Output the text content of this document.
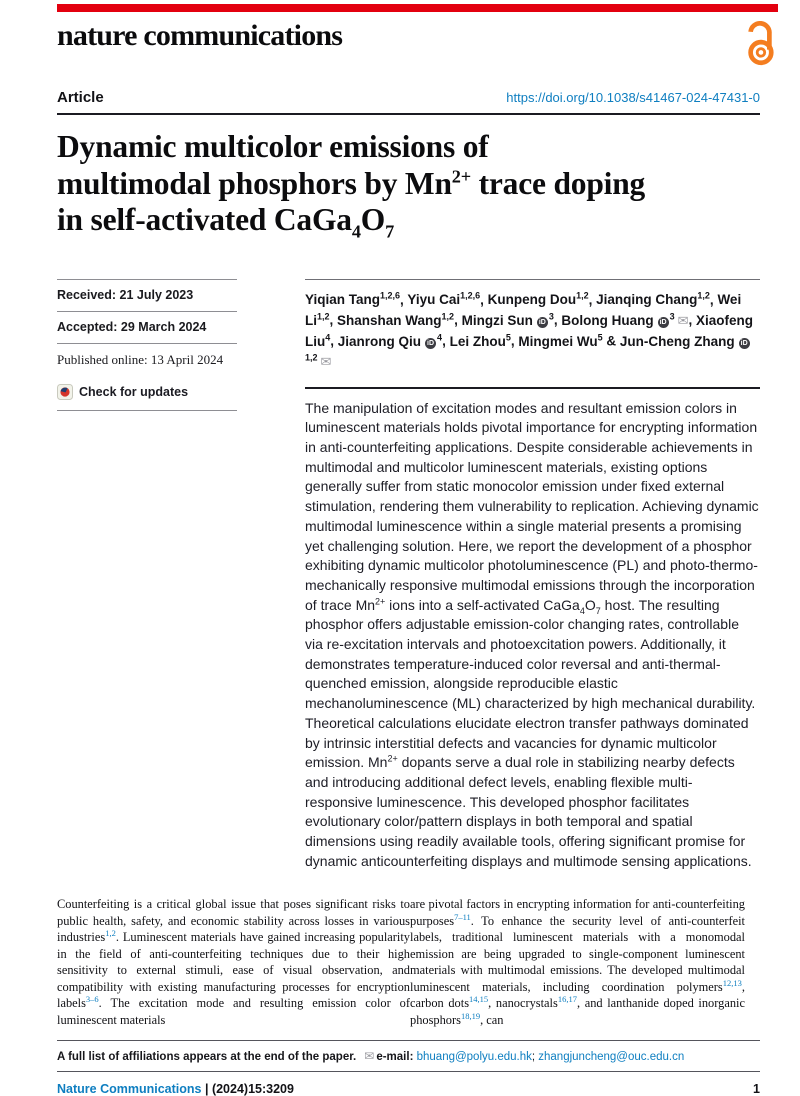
nature communications
Article	https://doi.org/10.1038/s41467-024-47431-0
Dynamic multicolor emissions of
multimodal phosphors by $Mn^{2+}$ trace doping
in self-activated $CaGa_4O_7$
Received: 21 July 2023
Accepted: 29 March 2024
Published online: 13 April 2024
Check for updates
Yiqian Tang$^{1,2,6}$, Yiyu Cai$^{1,2,6}$, Kunpeng Dou$^{1,2}$, Jianqing Chang$^{1,2}$, Wei Li$^{1,2}$, Shanshan Wang$^{1,2}$, Mingzi Sun $iD^3$, Bolong Huang $iD^3$ ✉, Xiaofeng Liu$^4$, Jianrong Qiu $iD^4$, Lei Zhou$^5$, Mingmei Wu$^5$ & Jun-Cheng Zhang iD$^{1,2}$ ✉

The manipulation of excitation modes and resultant emission colors in luminescent materials holds pivotal importance for encrypting information in anti-counterfeiting applications. Despite considerable achievements in multimodal and multicolor luminescent materials, existing options generally suffer from static monocolor emission under fixed external stimulation, rendering them vulnerability to replication. Achieving dynamic multimodal luminescence within a single material presents a promising yet challenging solution. Here, we report the development of a phosphor exhibiting dynamic multicolor photoluminescence (PL) and photo-thermo-mechanically responsive multimodal emissions through the incorporation of trace $Mn^{2+}$ ions into a self-activated $CaGa_4O_7$ host. The resulting phosphor offers adjustable emission-color changing rates, controllable via re-excitation intervals and photoexcitation powers. Additionally, it demonstrates temperature-induced color reversal and anti-thermal-quenched emission, alongside reproducible elastic mechanoluminescence (ML) characterized by high mechanical durability. Theoretical calculations elucidate electron transfer pathways dominated by intrinsic interstitial defects and vacancies for dynamic multicolor emission. $Mn^{2+}$ dopants serve a dual role in stabilizing nearby defects and introducing additional defect levels, enabling flexible multi-responsive luminescence. This developed phosphor facilitates evolutionary color/pattern displays in both temporal and spatial dimensions using readily available tools, offering significant promise for dynamic anticounterfeiting displays and multimode sensing applications.

Counterfeiting is a critical global issue that poses significant risks to public health, safety, and economic stability across losses in various industries$^{1,2}$. Luminescent materials have gained increasing popularity in the field of anti-counterfeiting techniques due to their high sensitivity to external stimuli, ease of visual observation, and compatibility with existing manufacturing processes for encryption labels$^{3-6}$. The excitation mode and resulting emission color of luminescent materials

are pivotal factors in encrypting information for anti-counterfeiting purposes$^{7-11}$. To enhance the security level of anti-counterfeit labels, traditional luminescent materials with a monomodal emission are being upgraded to single-component luminescent materials with multimodal emissions. The developed multimodal luminescent materials, including coordination polymers$^{12,13}$, carbon dots$^{14,15}$, nanocrystals$^{16,17}$, and lanthanide doped inorganic phosphors$^{18,19}$, can

A full list of affiliations appears at the end of the paper. ✉ e-mail: bhuang@polyu.edu.hk; zhangjuncheng@ouc.edu.cn
Nature Communications | (2024)15:3209	1
